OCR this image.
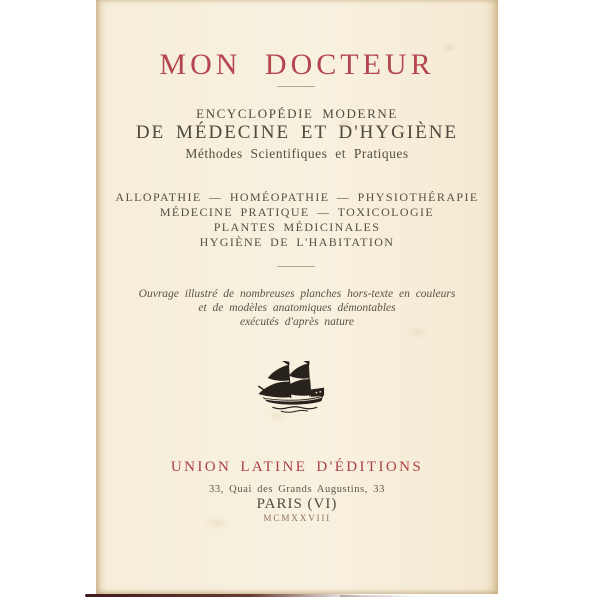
MON DOCTEUR
ENCYCLOPÉDIE MODERNE
DE MÉDECINE ET D'HYGIÈNE
Méthodes Scientifiques et Pratiques
ALLOPATHIE — HOMÉOPATHIE — PHYSIOTHÉRAPIE
MÉDECINE PRATIQUE — TOXICOLOGIE
PLANTES MÉDICINALES
HYGIÈNE DE L'HABITATION
Ouvrage illustré de nombreuses planches hors-texte en couleurs
et de modèles anatomiques démontables
exécutés d'après nature
UNION LATINE D'ÉDITIONS
33, Quai des Grands Augustins, 33
PARIS (VI)
MCMXXVIII
